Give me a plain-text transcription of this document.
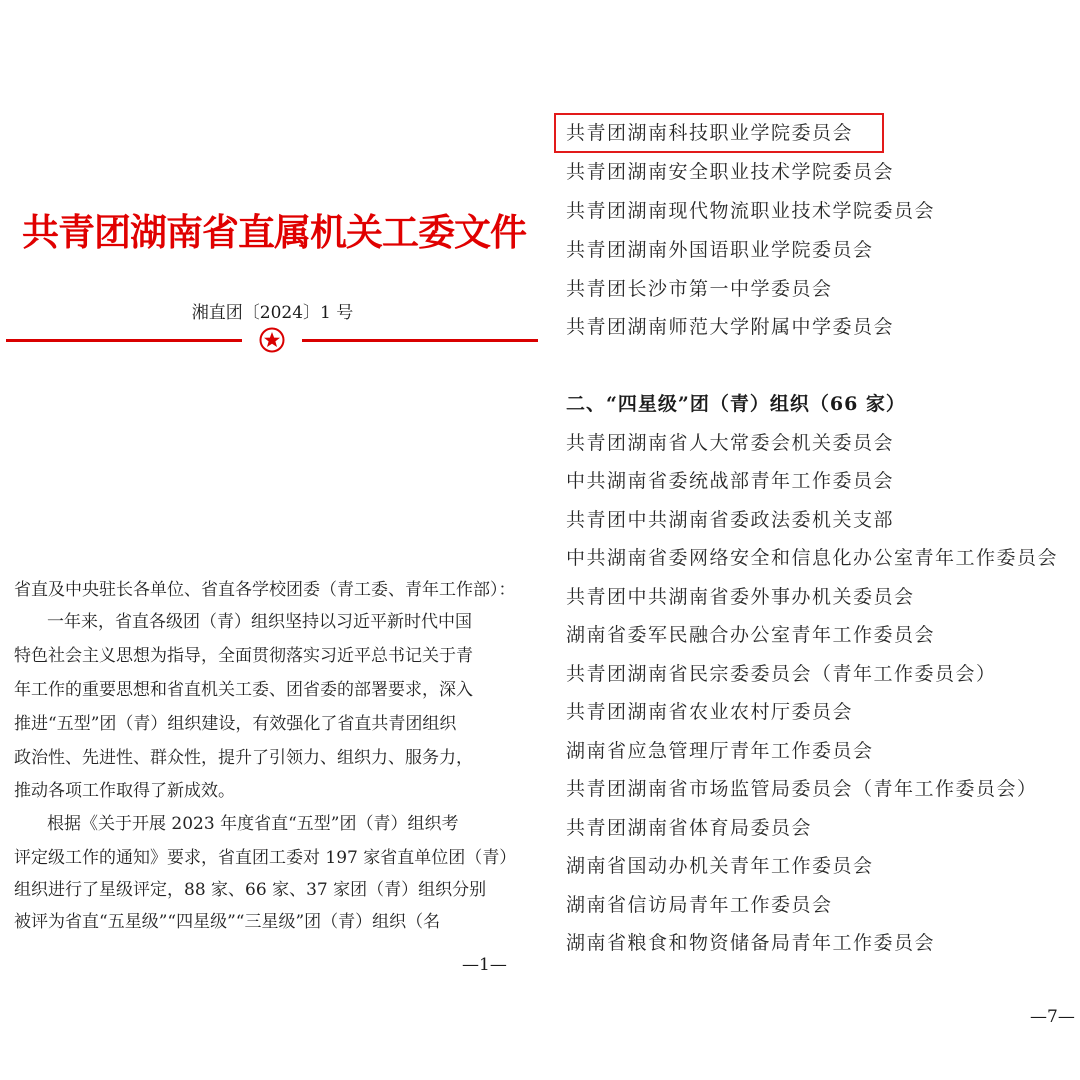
共青团湖南省直属机关工委文件
湘直团〔2024〕1 号
省直及中央驻长各单位、省直各学校团委（青工委、青年工作部）：
一年来，省直各级团（青）组织坚持以习近平新时代中国
特色社会主义思想为指导，全面贯彻落实习近平总书记关于青
年工作的重要思想和省直机关工委、团省委的部署要求，深入
推进“五型”团（青）组织建设，有效强化了省直共青团组织
政治性、先进性、群众性，提升了引领力、组织力、服务力，
推动各项工作取得了新成效。
根据《关于开展 2023 年度省直“五型”团（青）组织考
评定级工作的通知》要求，省直团工委对 197 家省直单位团（青）
组织进行了星级评定，88 家、66 家、37 家团（青）组织分别
被评为省直“五星级”“四星级”“三星级”团（青）组织（名
—1—
共青团湖南科技职业学院委员会
共青团湖南安全职业技术学院委员会
共青团湖南现代物流职业技术学院委员会
共青团湖南外国语职业学院委员会
共青团长沙市第一中学委员会
共青团湖南师范大学附属中学委员会
二、“四星级”团（青）组织（66 家）
共青团湖南省人大常委会机关委员会
中共湖南省委统战部青年工作委员会
共青团中共湖南省委政法委机关支部
中共湖南省委网络安全和信息化办公室青年工作委员会
共青团中共湖南省委外事办机关委员会
湖南省委军民融合办公室青年工作委员会
共青团湖南省民宗委委员会（青年工作委员会）
共青团湖南省农业农村厅委员会
湖南省应急管理厅青年工作委员会
共青团湖南省市场监管局委员会（青年工作委员会）
共青团湖南省体育局委员会
湖南省国动办机关青年工作委员会
湖南省信访局青年工作委员会
湖南省粮食和物资储备局青年工作委员会
—7—
